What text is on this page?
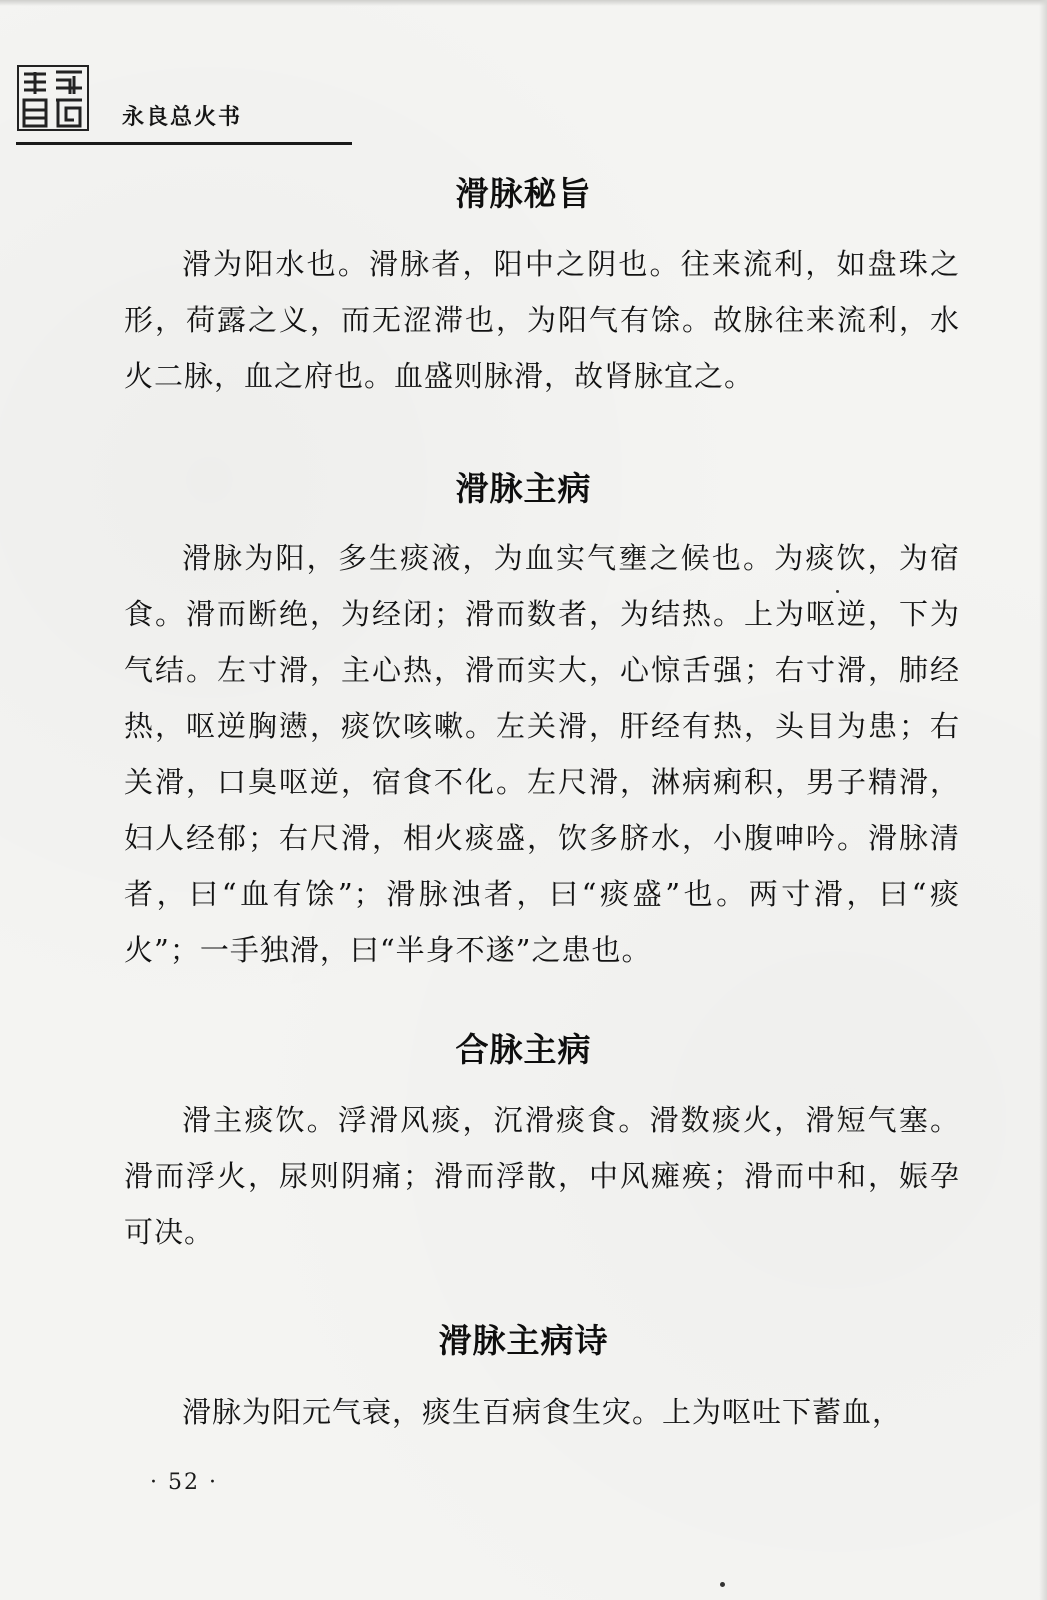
永良总火书
滑脉秘旨
滑为阳水也。滑脉者，阳中之阴也。往来流利，如盘珠之形，荷露之义，而无涩滞也，为阳气有馀。故脉往来流利，水火二脉，血之府也。血盛则脉滑，故肾脉宜之。
滑脉主病
滑脉为阳，多生痰液，为血实气壅之候也。为痰饮，为宿食。滑而断绝，为经闭；滑而数者，为结热。上为呕逆，下为气结。左寸滑，主心热，滑而实大，心惊舌强；右寸滑，肺经热，呕逆胸懑，痰饮咳嗽。左关滑，肝经有热，头目为患；右关滑，口臭呕逆，宿食不化。左尺滑，淋病痢积，男子精滑，妇人经郁；右尺滑，相火痰盛，饮多脐水，小腹呻吟。滑脉清者，曰“血有馀”；滑脉浊者，曰“痰盛”也。两寸滑，曰“痰火”；一手独滑，曰“半身不遂”之患也。
合脉主病
滑主痰饮。浮滑风痰，沉滑痰食。滑数痰火，滑短气塞。滑而浮火，尿则阴痛；滑而浮散，中风瘫痪；滑而中和，娠孕可决。
滑脉主病诗
滑脉为阳元气衰，痰生百病食生灾。上为呕吐下蓄血，
· 52 ·
